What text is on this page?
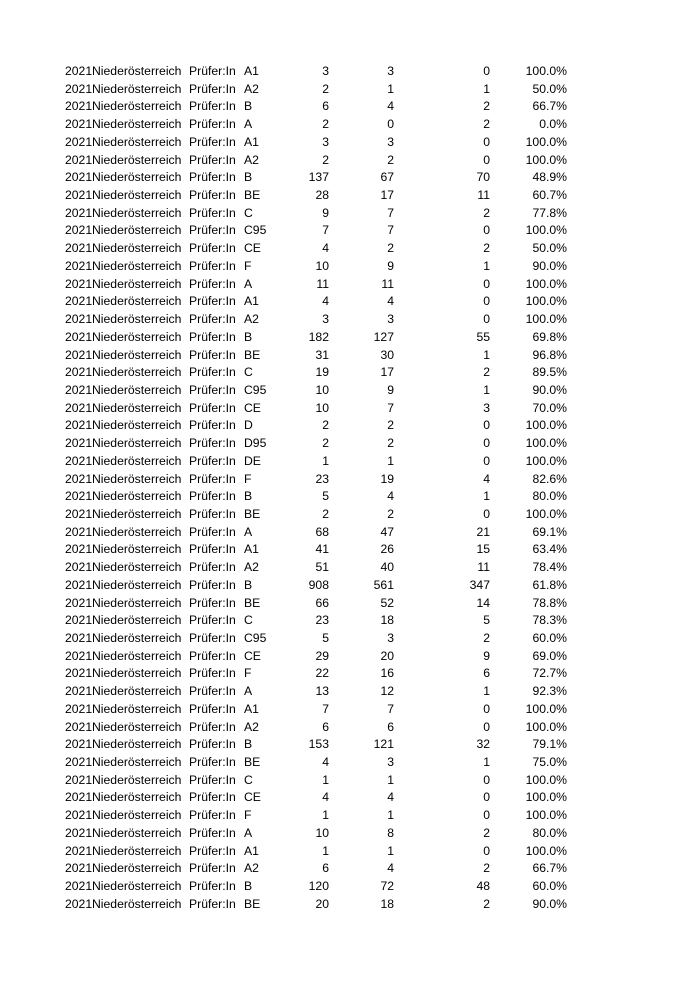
2021 Niederösterreich Prüfer:In A1	3	3	0	100.0%
2021 Niederösterreich Prüfer:In A2	2	1	1	50.0%
2021 Niederösterreich Prüfer:In B	6	4	2	66.7%
2021 Niederösterreich Prüfer:In A	2	0	2	0.0%
2021 Niederösterreich Prüfer:In A1	3	3	0	100.0%
2021 Niederösterreich Prüfer:In A2	2	2	0	100.0%
2021 Niederösterreich Prüfer:In B	137	67	70	48.9%
2021 Niederösterreich Prüfer:In BE	28	17	11	60.7%
2021 Niederösterreich Prüfer:In C	9	7	2	77.8%
2021 Niederösterreich Prüfer:In C95	7	7	0	100.0%
2021 Niederösterreich Prüfer:In CE	4	2	2	50.0%
2021 Niederösterreich Prüfer:In F	10	9	1	90.0%
2021 Niederösterreich Prüfer:In A	11	11	0	100.0%
2021 Niederösterreich Prüfer:In A1	4	4	0	100.0%
2021 Niederösterreich Prüfer:In A2	3	3	0	100.0%
2021 Niederösterreich Prüfer:In B	182	127	55	69.8%
2021 Niederösterreich Prüfer:In BE	31	30	1	96.8%
2021 Niederösterreich Prüfer:In C	19	17	2	89.5%
2021 Niederösterreich Prüfer:In C95	10	9	1	90.0%
2021 Niederösterreich Prüfer:In CE	10	7	3	70.0%
2021 Niederösterreich Prüfer:In D	2	2	0	100.0%
2021 Niederösterreich Prüfer:In D95	2	2	0	100.0%
2021 Niederösterreich Prüfer:In DE	1	1	0	100.0%
2021 Niederösterreich Prüfer:In F	23	19	4	82.6%
2021 Niederösterreich Prüfer:In B	5	4	1	80.0%
2021 Niederösterreich Prüfer:In BE	2	2	0	100.0%
2021 Niederösterreich Prüfer:In A	68	47	21	69.1%
2021 Niederösterreich Prüfer:In A1	41	26	15	63.4%
2021 Niederösterreich Prüfer:In A2	51	40	11	78.4%
2021 Niederösterreich Prüfer:In B	908	561	347	61.8%
2021 Niederösterreich Prüfer:In BE	66	52	14	78.8%
2021 Niederösterreich Prüfer:In C	23	18	5	78.3%
2021 Niederösterreich Prüfer:In C95	5	3	2	60.0%
2021 Niederösterreich Prüfer:In CE	29	20	9	69.0%
2021 Niederösterreich Prüfer:In F	22	16	6	72.7%
2021 Niederösterreich Prüfer:In A	13	12	1	92.3%
2021 Niederösterreich Prüfer:In A1	7	7	0	100.0%
2021 Niederösterreich Prüfer:In A2	6	6	0	100.0%
2021 Niederösterreich Prüfer:In B	153	121	32	79.1%
2021 Niederösterreich Prüfer:In BE	4	3	1	75.0%
2021 Niederösterreich Prüfer:In C	1	1	0	100.0%
2021 Niederösterreich Prüfer:In CE	4	4	0	100.0%
2021 Niederösterreich Prüfer:In F	1	1	0	100.0%
2021 Niederösterreich Prüfer:In A	10	8	2	80.0%
2021 Niederösterreich Prüfer:In A1	1	1	0	100.0%
2021 Niederösterreich Prüfer:In A2	6	4	2	66.7%
2021 Niederösterreich Prüfer:In B	120	72	48	60.0%
2021 Niederösterreich Prüfer:In BE	20	18	2	90.0%
